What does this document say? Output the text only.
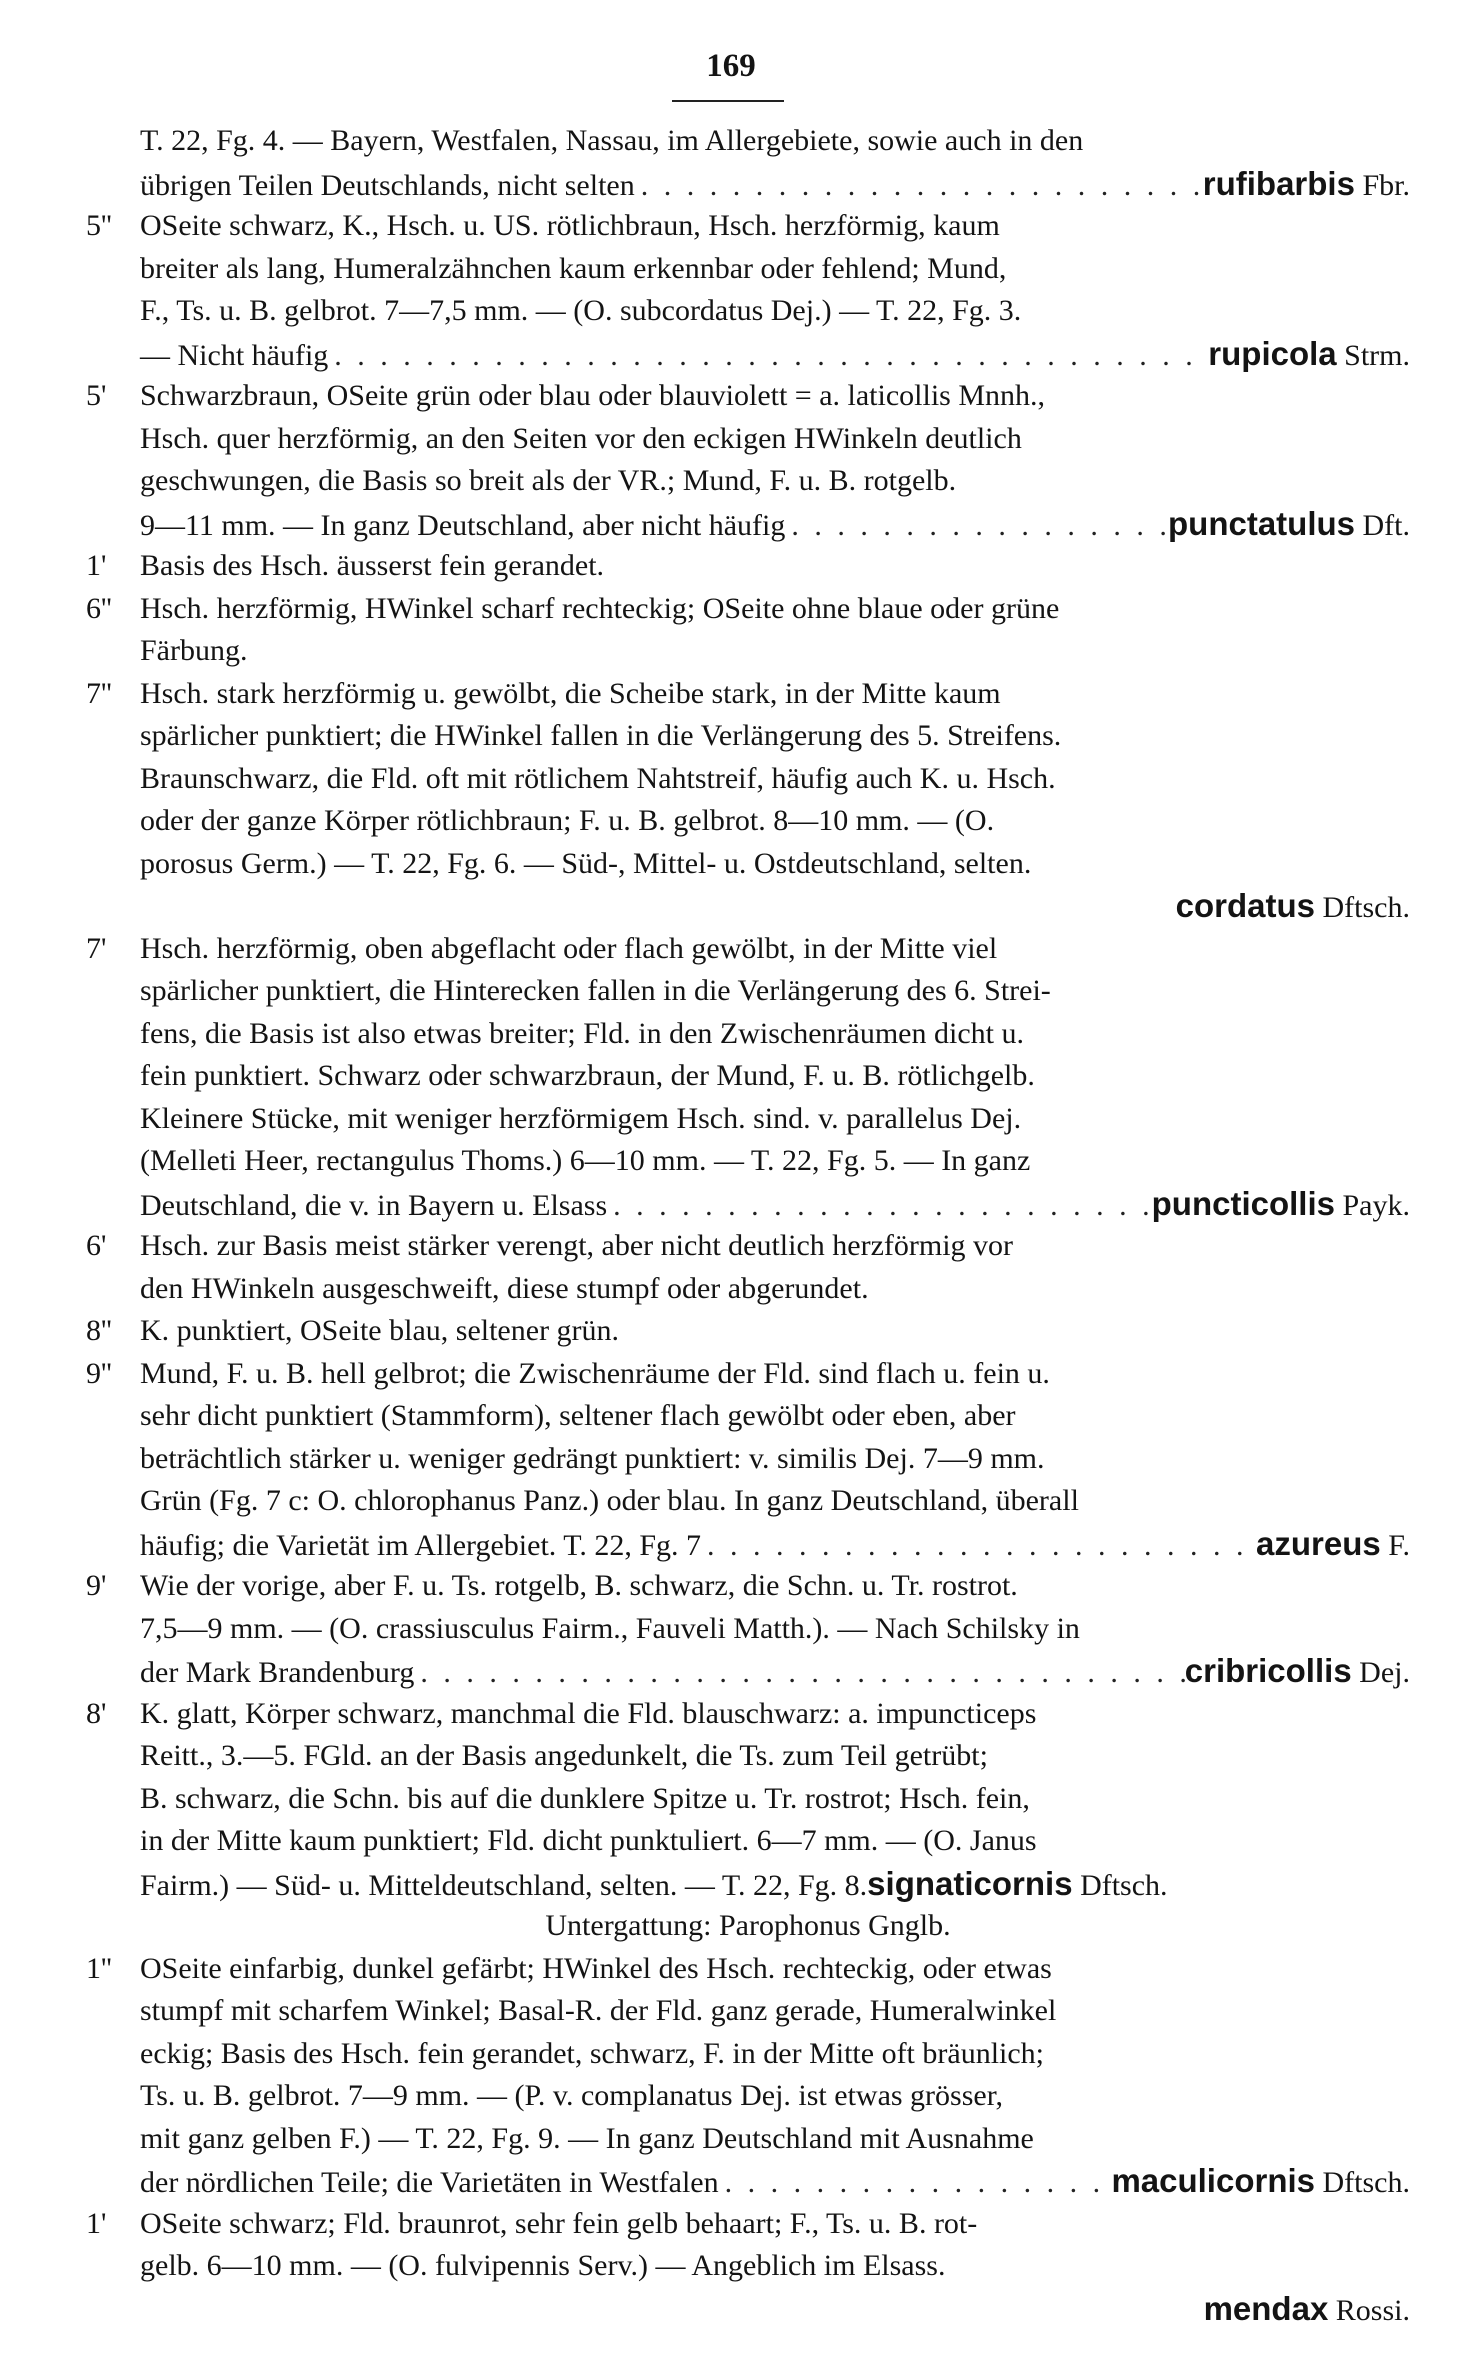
169
T. 22, Fg. 4. — Bayern, Westfalen, Nassau, im Allergebiete, sowie auch in den
übrigen Teilen Deutschlands, nicht selten . . .	rufibarbis Fbr.
5'' OSeite schwarz, K., Hsch. u. US. rötlichbraun, Hsch. herzförmig, kaum
breiter als lang, Humeralzähnchen kaum erkennbar oder fehlend; Mund,
F., Ts. u. B. gelbrot. 7—7,5 mm. — (O. subcordatus Dej.) — T. 22, Fg. 3.
— Nicht häufig . . .	rupicola Strm.
5'	Schwarzbraun, OSeite grün oder blau oder blauviolett = a. laticollis Mnnh.,
Hsch. quer herzförmig, an den Seiten vor den eckigen HWinkeln deutlich
geschwungen, die Basis so breit als der VR.; Mund, F. u. B. rotgelb.
9—11 mm. — In ganz Deutschland, aber nicht häufig . . .	punctatulus Dft.
1'	Basis des Hsch. äusserst fein gerandet.
6'' Hsch. herzförmig, HWinkel scharf rechteckig; OSeite ohne blaue oder grüne
Färbung.
7'' Hsch. stark herzförmig u. gewölbt, die Scheibe stark, in der Mitte kaum
spärlicher punktiert; die HWinkel fallen in die Verlängerung des 5. Streifens.
Braunschwarz, die Fld. oft mit rötlichem Nahtstreif, häufig auch K. u. Hsch.
oder der ganze Körper rötlichbraun; F. u. B. gelbrot. 8—10 mm. — (O.
porosus Germ.) — T. 22, Fg. 6. — Süd-, Mittel- u. Ostdeutschland, selten.
cordatus Dftsch.
7'	Hsch. herzförmig, oben abgeflacht oder flach gewölbt, in der Mitte viel
spärlicher punktiert, die Hinterecken fallen in die Verlängerung des 6. Strei-
fens, die Basis ist also etwas breiter; Fld. in den Zwischenräumen dicht u.
fein punktiert. Schwarz oder schwarzbraun, der Mund, F. u. B. rötlichgelb.
Kleinere Stücke, mit weniger herzförmigem Hsch. sind. v. parallelus Dej.
(Melleti Heer, rectangulus Thoms.) 6—10 mm. — T. 22, Fg. 5. — In ganz
Deutschland, die v. in Bayern u. Elsass . . .	puncticollis Payk.
6'	Hsch. zur Basis meist stärker verengt, aber nicht deutlich herzförmig vor
den HWinkeln ausgeschweift, diese stumpf oder abgerundet.
8'' K. punktiert, OSeite blau, seltener grün.
9'' Mund, F. u. B. hell gelbrot; die Zwischenräume der Fld. sind flach u. fein u.
sehr dicht punktiert (Stammform), seltener flach gewölbt oder eben, aber
beträchtlich stärker u. weniger gedrängt punktiert: v. similis Dej. 7—9 mm.
Grün (Fg. 7 c: O. chlorophanus Panz.) oder blau. In ganz Deutschland, überall
häufig; die Varietät im Allergebiet. T. 22, Fg. 7 . . .	azureus F.
9'	Wie der vorige, aber F. u. Ts. rotgelb, B. schwarz, die Schn. u. Tr. rostrot.
7,5—9 mm. — (O. crassiusculus Fairm., Fauveli Matth.). — Nach Schilsky in
der Mark Brandenburg . . .	cribricollis Dej.
8'	K. glatt, Körper schwarz, manchmal die Fld. blauschwarz: a. impuncticeps
Reitt., 3.—5. FGld. an der Basis angedunkelt, die Ts. zum Teil getrübt;
B. schwarz, die Schn. bis auf die dunklere Spitze u. Tr. rostrot; Hsch. fein,
in der Mitte kaum punktiert; Fld. dicht punktuliert. 6—7 mm. — (O. Janus
Fairm.) — Süd- u. Mitteldeutschland, selten. — T. 22, Fg. 8. signaticornis Dftsch.
Untergattung: Parophonus Gnglb.
1'' OSeite einfarbig, dunkel gefärbt; HWinkel des Hsch. rechteckig, oder etwas
stumpf mit scharfem Winkel; Basal-R. der Fld. ganz gerade, Humeralwinkel
eckig; Basis des Hsch. fein gerandet, schwarz, F. in der Mitte oft bräunlich;
Ts. u. B. gelbrot. 7—9 mm. — (P. v. complanatus Dej. ist etwas grösser,
mit ganz gelben F.) — T. 22, Fg. 9. — In ganz Deutschland mit Ausnahme
der nördlichen Teile; die Varietäten in Westfalen . . .	maculicornis Dftsch.
1'	OSeite schwarz; Fld. braunrot, sehr fein gelb behaart; F., Ts. u. B. rot-
gelb. 6—10 mm. — (O. fulvipennis Serv.) — Angeblich im Elsass.
mendax Rossi.
